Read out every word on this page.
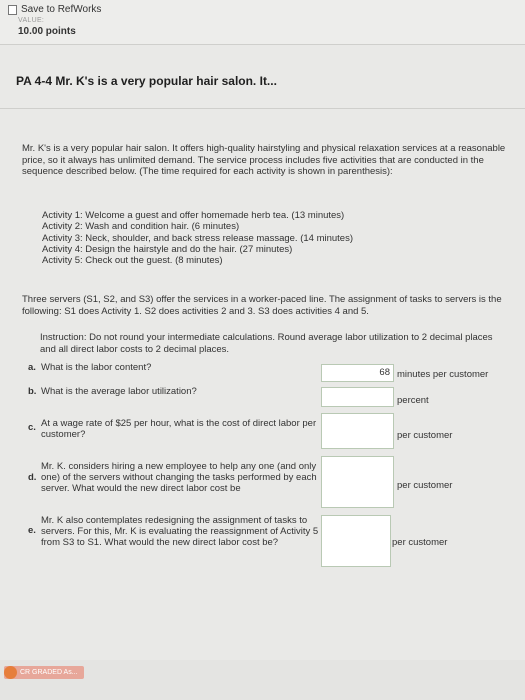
Save to RefWorks
VALUE:
10.00 points
PA 4-4 Mr. K's is a very popular hair salon. It...

Mr. K's is a very popular hair salon. It offers high-quality hairstyling and physical relaxation services at a reasonable price, so it always has unlimited demand. The service process includes five activities that are conducted in the sequence described below. (The time required for each activity is shown in parenthesis):

Activity 1: Welcome a guest and offer homemade herb tea. (13 minutes)
Activity 2: Wash and condition hair. (6 minutes)
Activity 3: Neck, shoulder, and back stress release massage. (14 minutes)
Activity 4: Design the hairstyle and do the hair. (27 minutes)
Activity 5: Check out the guest. (8 minutes)

Three servers (S1, S2, and S3) offer the services in a worker-paced line. The assignment of tasks to servers is the following: S1 does Activity 1. S2 does activities 2 and 3. S3 does activities 4 and 5.

Instruction: Do not round your intermediate calculations. Round average labor utilization to 2 decimal places and all direct labor costs to 2 decimal places.

a. What is the labor content?	68 minutes per customer
b. What is the average labor utilization?
percent
c. At a wage rate of $25 per hour, what is the cost of direct labor per customer?	per customer
d.
Mr. K. considers hiring a new employee to help any one (and only one) of the servers without changing the tasks performed by each server. What would the new direct labor cost be	per customer
e.
Mr. K also contemplates redesigning the assignment of tasks to servers. For this, Mr. K is evaluating the reassignment of Activity 5 from S3 to S1. What would the new direct labor cost be?	per customer
CR GRADED As...
